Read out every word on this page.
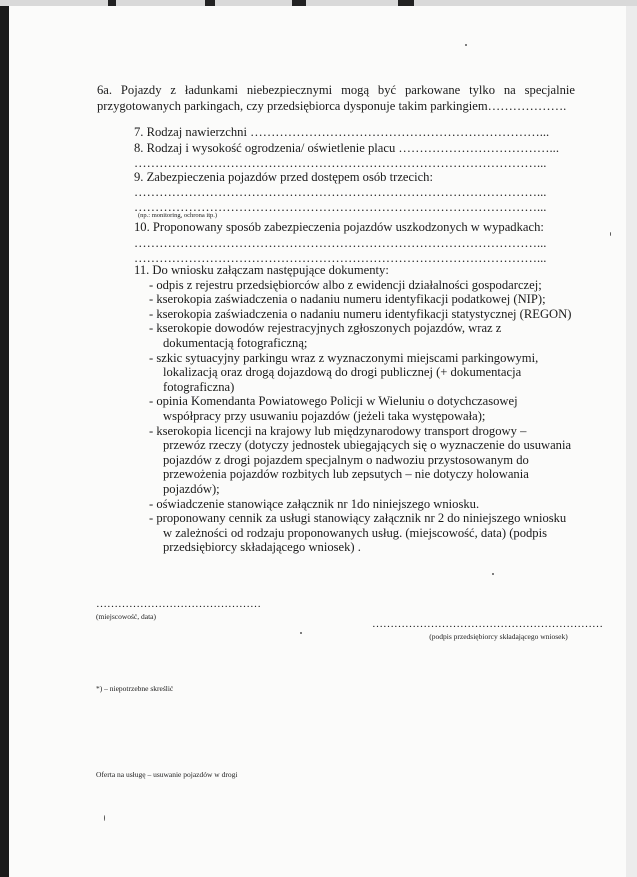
6a. Pojazdy z ładunkami niebezpiecznymi mogą być parkowane tylko na specjalnie przygotowanych parkingach, czy przedsiębiorca dysponuje takim parkingiem……………….
7. Rodzaj nawierzchni ……………………………………………………………...
8. Rodzaj i wysokość ogrodzenia/ oświetlenie placu ………………………………...
……………………………………………………………………………………...
9. Zabezpieczenia pojazdów przed dostępem osób trzecich:
……………………………………………………………………………………...
……………………………………………………………………………………...
(np.: monitoring, ochrona itp.)
10. Proponowany sposób zabezpieczenia pojazdów uszkodzonych w wypadkach:
……………………………………………………………………………………...
……………………………………………………………………………………...
11. Do wniosku załączam następujące dokumenty:
- odpis z rejestru przedsiębiorców albo z ewidencji działalności gospodarczej;
- kserokopia zaświadczenia o nadaniu numeru identyfikacji podatkowej (NIP);
- kserokopia zaświadczenia o nadaniu numeru identyfikacji statystycznej (REGON)
- kserokopie dowodów rejestracyjnych zgłoszonych pojazdów, wraz z
dokumentacją fotograficzną;
- szkic sytuacyjny parkingu wraz z wyznaczonymi miejscami parkingowymi,
lokalizacją oraz drogą dojazdową do drogi publicznej (+ dokumentacja fotograficzna)
- opinia Komendanta Powiatowego Policji w Wieluniu o dotychczasowej
współpracy przy usuwaniu pojazdów (jeżeli taka występowała);
- kserokopia licencji na krajowy lub międzynarodowy transport drogowy –
przewóz rzeczy (dotyczy jednostek ubiegających się o wyznaczenie do usuwania pojazdów z drogi pojazdem specjalnym o nadwoziu przystosowanym do przewożenia pojazdów rozbitych lub zepsutych – nie dotyczy holowania pojazdów);
- oświadczenie stanowiące załącznik nr 1do niniejszego wniosku.
- proponowany cennik za usługi stanowiący załącznik nr 2 do niniejszego wniosku
w zależności od rodzaju proponowanych usług. (miejscowość, data) (podpis przedsiębiorcy składającego wniosek) .
………………………………………
(miejscowość, data)
………………………………………………………
(podpis przedsiębiorcy składającego wniosek)
*) – niepotrzebne skreślić
Oferta na usługę – usuwanie pojazdów w drogi
